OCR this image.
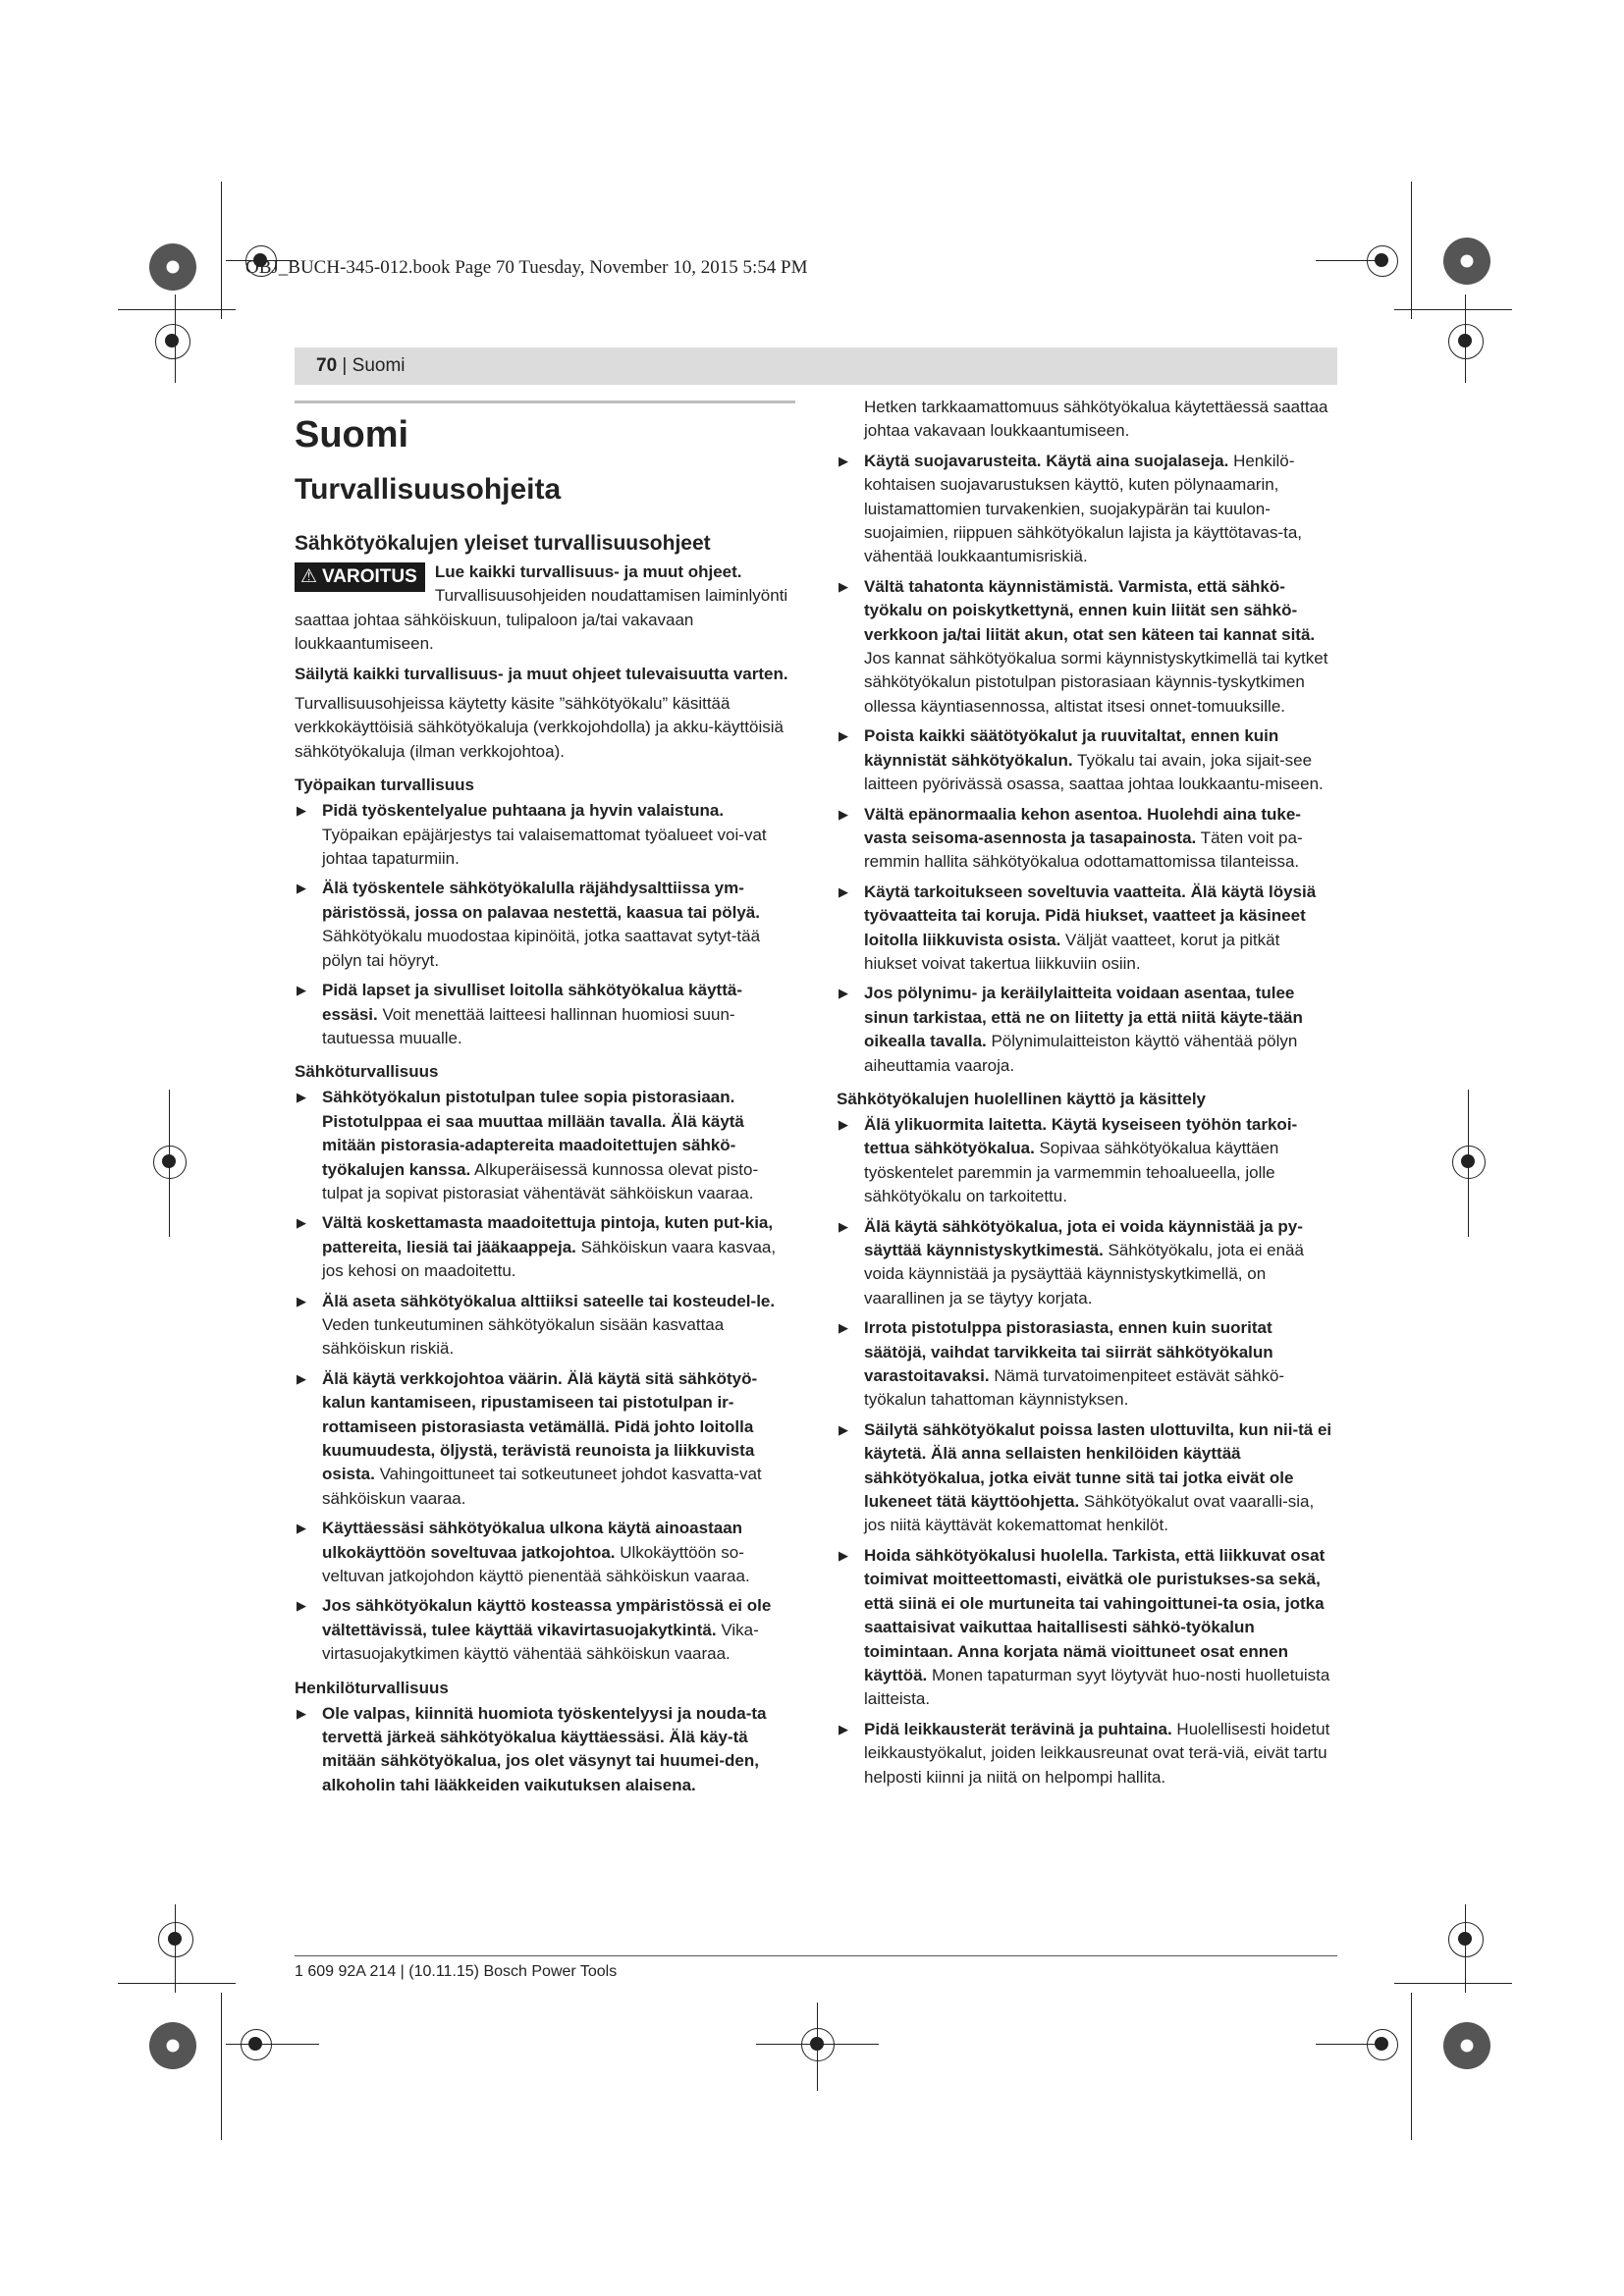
OBJ_BUCH-345-012.book Page 70 Tuesday, November 10, 2015 5:54 PM
70 | Suomi
Suomi
Turvallisuusohjeita
Sähkötyökalujen yleiset turvallisuusohjeet

⚠ VAROITUS	Lue kaikki turvallisuus- ja muut ohjeet. Turvallisuusohjeiden noudattamisen laiminlyönti saattaa johtaa sähköiskuun, tulipaloon ja/tai vakavaan loukkaantumiseen.

Säilytä kaikki turvallisuus- ja muut ohjeet tulevaisuutta varten.

Turvallisuusohjeissa käytetty käsite ”sähkötyökalu” käsittää verkkokäyttöisiä sähkötyökaluja (verkkojohdolla) ja akku-käyttöisiä sähkötyökaluja (ilman verkkojohtoa).

Työpaikan turvallisuus
▶ Pidä työskentelyalue puhtaana ja hyvin valaistuna. Työpaikan epäjärjestys tai valaisemattomat työalueet voi-vat johtaa tapaturmiin.
▶ Älä työskentele sähkötyökalulla räjähdysalttiissa ym-päristössä, jossa on palavaa nestettä, kaasua tai pölyä. Sähkötyökalu muodostaa kipinöitä, jotka saattavat sytyt-tää pölyn tai höyryt.
▶ Pidä lapset ja sivulliset loitolla sähkötyökalua käyttä-essäsi. Voit menettää laitteesi hallinnan huomiosi suun-tautuessa muualle.
Sähköturvallisuus
▶ Sähkötyökalun pistotulpan tulee sopia pistorasiaan. Pistotulppaa ei saa muuttaa millään tavalla. Älä käytä mitään pistorasia-adaptereita maadoitettujen sähkö-työkalujen kanssa. Alkuperäisessä kunnossa olevat pisto-tulpat ja sopivat pistorasiat vähentävät sähköiskun vaaraa.
▶ Vältä koskettamasta maadoitettuja pintoja, kuten put-kia, pattereita, liesiä tai jääkaappeja. Sähköiskun vaara kasvaa, jos kehosi on maadoitettu.
▶ Älä aseta sähkötyökalua alttiiksi sateelle tai kosteudel-le. Veden tunkeutuminen sähkötyökalun sisään kasvattaa sähköiskun riskiä.
▶ Älä käytä verkkojohtoa väärin. Älä käytä sitä sähkötyö-kalun kantamiseen, ripustamiseen tai pistotulpan ir-rottamiseen pistorasiasta vetämällä. Pidä johto loitolla kuumuudesta, öljystä, terävistä reunoista ja liikkuvista osista. Vahingoittuneet tai sotkeutuneet johdot kasvatta-vat sähköiskun vaaraa.
▶ Käyttäessäsi sähkötyökalua ulkona käytä ainoastaan ulkokäyttöön soveltuvaa jatkojohtoa. Ulkokäyttöön so-veltuvan jatkojohdon käyttö pienentää sähköiskun vaaraa.
▶ Jos sähkötyökalun käyttö kosteassa ympäristössä ei ole vältettävissä, tulee käyttää vikavirtasuojakytkintä. Vika-virtasuojakytkimen käyttö vähentää sähköiskun vaaraa.
Henkilöturvallisuus
▶ Ole valpas, kiinnitä huomiota työskentelyysi ja nouda-ta tervettä järkeä sähkötyökalua käyttäessäsi. Älä käy-tä mitään sähkötyökalua, jos olet väsynyt tai huumei-den, alkoholin tahi lääkkeiden vaikutuksen alaisena.

Hetken tarkkaamattomuus sähkötyökalua käytettäessä saattaa johtaa vakavaan loukkaantumiseen.

▶ Käytä suojavarusteita. Käytä aina suojalaseja. Henkilö-kohtaisen suojavarustuksen käyttö, kuten pölynaamarin, luistamattomien turvakenkien, suojakypärän tai kuulon-suojaimien, riippuen sähkötyökalun lajista ja käyttötavas-ta, vähentää loukkaantumisriskiä.
▶ Vältä tahatonta käynnistämistä. Varmista, että sähkö-työkalu on poiskytkettynä, ennen kuin liität sen sähkö-verkkoon ja/tai liität akun, otat sen käteen tai kannat sitä. Jos kannat sähkötyökalua sormi käynnistyskytkimellä tai kytket sähkötyökalun pistotulpan pistorasiaan käynnis-tyskytkimen ollessa käyntiasennossa, altistat itsesi onnet-tomuuksille.
▶ Poista kaikki säätötyökalut ja ruuvitaltat, ennen kuin käynnistät sähkötyökalun. Työkalu tai avain, joka sijait-see laitteen pyörivässä osassa, saattaa johtaa loukkaantu-miseen.
▶ Vältä epänormaalia kehon asentoa. Huolehdi aina tuke-vasta seisoma-asennosta ja tasapainosta. Täten voit pa-remmin hallita sähkötyökalua odottamattomissa tilanteissa.
▶ Käytä tarkoitukseen soveltuvia vaatteita. Älä käytä löysiä työvaatteita tai koruja. Pidä hiukset, vaatteet ja käsineet loitolla liikkuvista osista. Väljät vaatteet, korut ja pitkät hiukset voivat takertua liikkuviin osiin.
▶ Jos pölynimu- ja keräilylaitteita voidaan asentaa, tulee sinun tarkistaa, että ne on liitetty ja että niitä käyte-tään oikealla tavalla. Pölynimulaitteiston käyttö vähentää pölyn aiheuttamia vaaroja.
Sähkötyökalujen huolellinen käyttö ja käsittely
▶ Älä ylikuormita laitetta. Käytä kyseiseen työhön tarkoi-tettua sähkötyökalua. Sopivaa sähkötyökalua käyttäen työskentelet paremmin ja varmemmin tehoalueella, jolle sähkötyökalu on tarkoitettu.
▶ Älä käytä sähkötyökalua, jota ei voida käynnistää ja py-säyttää käynnistyskytkimestä. Sähkötyökalu, jota ei enää voida käynnistää ja pysäyttää käynnistyskytkimellä, on vaarallinen ja se täytyy korjata.
▶ Irrota pistotulppa pistorasiasta, ennen kuin suoritat säätöjä, vaihdat tarvikkeita tai siirrät sähkötyökalun varastoitavaksi. Nämä turvatoimenpiteet estävät sähkö-työkalun tahattoman käynnistyksen.
▶ Säilytä sähkötyökalut poissa lasten ulottuvilta, kun nii-tä ei käytetä. Älä anna sellaisten henkilöiden käyttää sähkötyökalua, jotka eivät tunne sitä tai jotka eivät ole lukeneet tätä käyttöohjetta. Sähkötyökalut ovat vaaralli-sia, jos niitä käyttävät kokemattomat henkilöt.
▶ Hoida sähkötyökalusi huolella. Tarkista, että liikkuvat osat toimivat moitteettomasti, eivätkä ole puristukses-sa sekä, että siinä ei ole murtuneita tai vahingoittunei-ta osia, jotka saattaisivat vaikuttaa haitallisesti sähkö-työkalun toimintaan. Anna korjata nämä vioittuneet osat ennen käyttöä. Monen tapaturman syyt löytyvät huo-nosti huolletuista laitteista.
▶ Pidä leikkausterät terävinä ja puhtaina. Huolellisesti hoidetut leikkaustyökalut, joiden leikkausreunat ovat terä-viä, eivät tartu helposti kiinni ja niitä on helpompi hallita.
1 609 92A 214 | (10.11.15) Bosch Power Tools
